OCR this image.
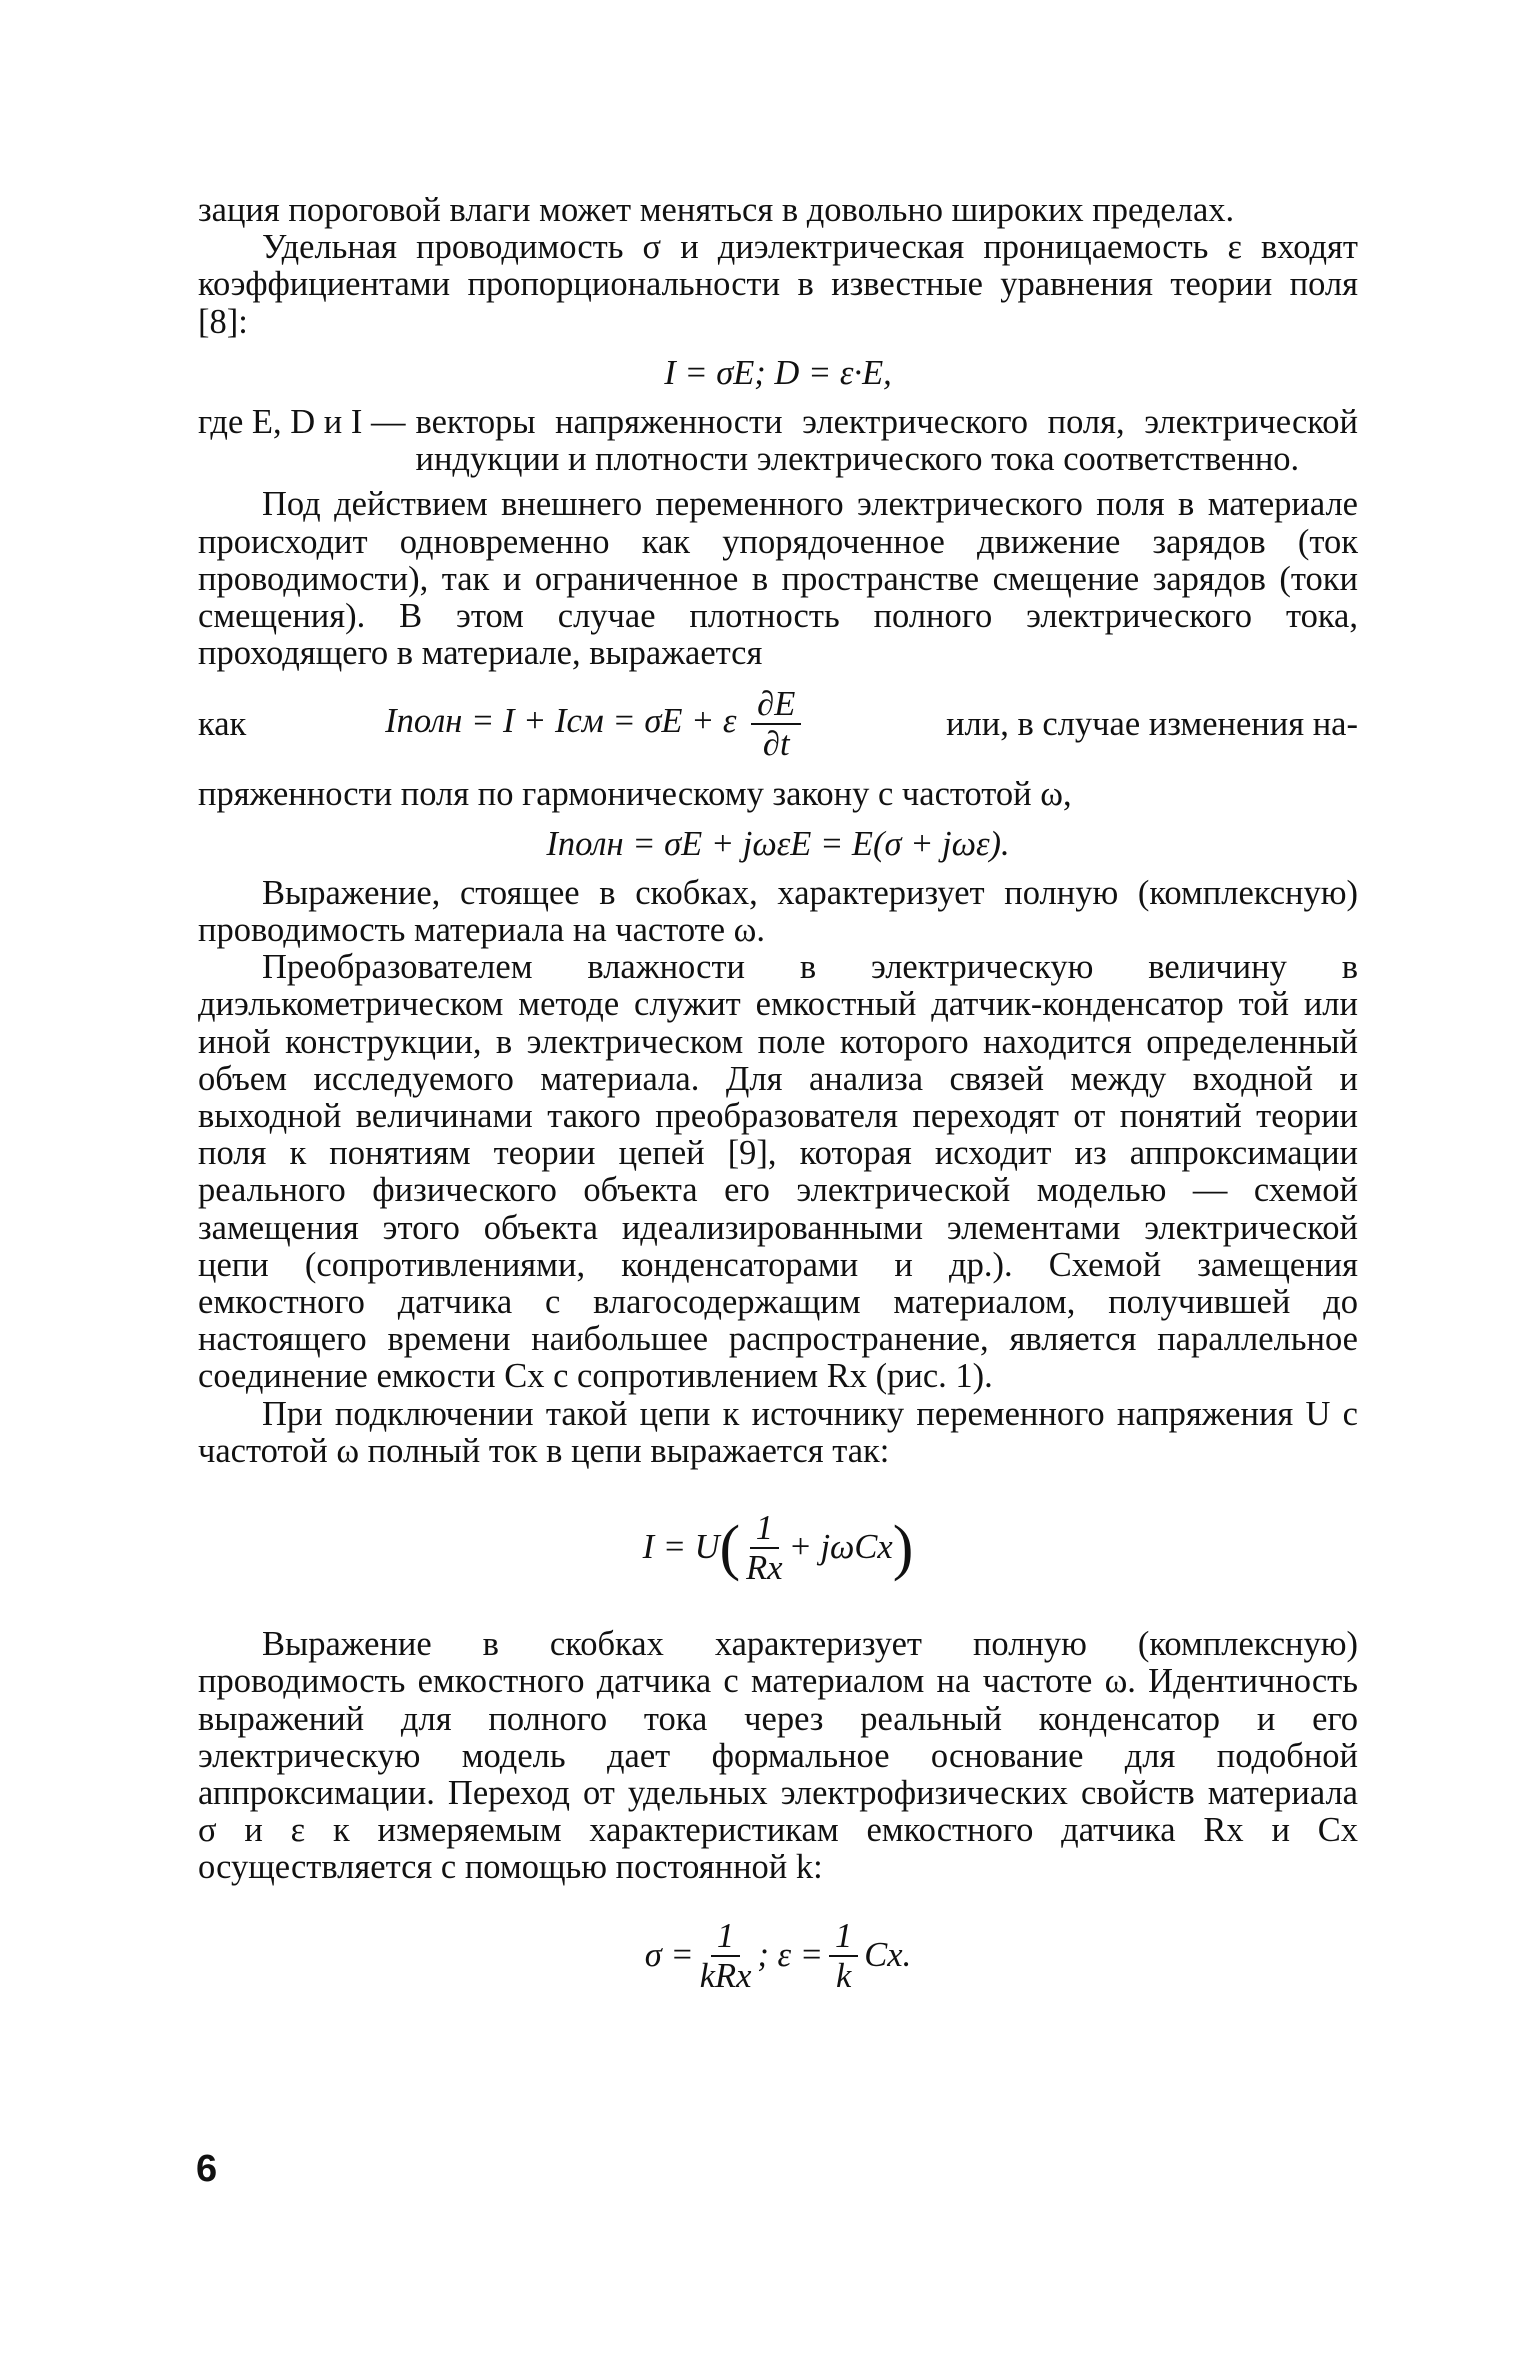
зация пороговой влаги может меняться в довольно широких пределах.

Удельная проводимость σ и диэлектрическая проницаемость ε входят коэффициентами пропорциональности в известные уравнения теории поля [8]:

I = σE; D = ε·E,

где E, D и I — векторы напряженности электрического поля, электрической индукции и плотности электрического тока соответственно.

Под действием внешнего переменного электрического поля в материале происходит одновременно как упорядоченное движение зарядов (ток проводимости), так и ограниченное в пространстве смещение зарядов (токи смещения). В этом случае плотность полного электрического тока, проходящего в материале, выражается

как	Iполн = I + Iсм = σE + ε $\frac{\partial E}{\partial t}$	или, в случае изменения на-

пряженности поля по гармоническому закону с частотой ω,

Iполн = σE + jωεE = E(σ + jωε).

Выражение, стоящее в скобках, характеризует полную (комплексную) проводимость материала на частоте ω.

Преобразователем влажности в электрическую величину в диэлькометрическом методе служит емкостный датчик-конденсатор той или иной конструкции, в электрическом поле которого находится определенный объем исследуемого материала. Для анализа связей между входной и выходной величинами такого преобразователя переходят от понятий теории поля к понятиям теории цепей [9], которая исходит из аппроксимации реального физического объекта его электрической моделью — схемой замещения этого объекта идеализированными элементами электрической цепи (сопротивлениями, конденсаторами и др.). Схемой замещения емкостного датчика с влагосодержащим материалом, получившей до настоящего времени наибольшее распространение, является параллельное соединение емкости Cx с сопротивлением Rx (рис. 1).

При подключении такой цепи к источнику переменного напряжения U с частотой ω полный ток в цепи выражается так:

I = U ( $\frac{1}{Rx} + j\omega Cx$ )

Выражение в скобках характеризует полную (комплексную) проводимость емкостного датчика с материалом на частоте ω. Идентичность выражений для полного тока через реальный конденсатор и его электрическую модель дает формальное основание для подобной аппроксимации. Переход от удельных электрофизических свойств материала σ и ε к измеряемым характеристикам емкостного датчика Rx и Cx осуществляется с помощью постоянной k:

$\sigma = \frac{1}{\text{kRx}}$ ; $\varepsilon = \frac{1}{k} Cx$.
6
